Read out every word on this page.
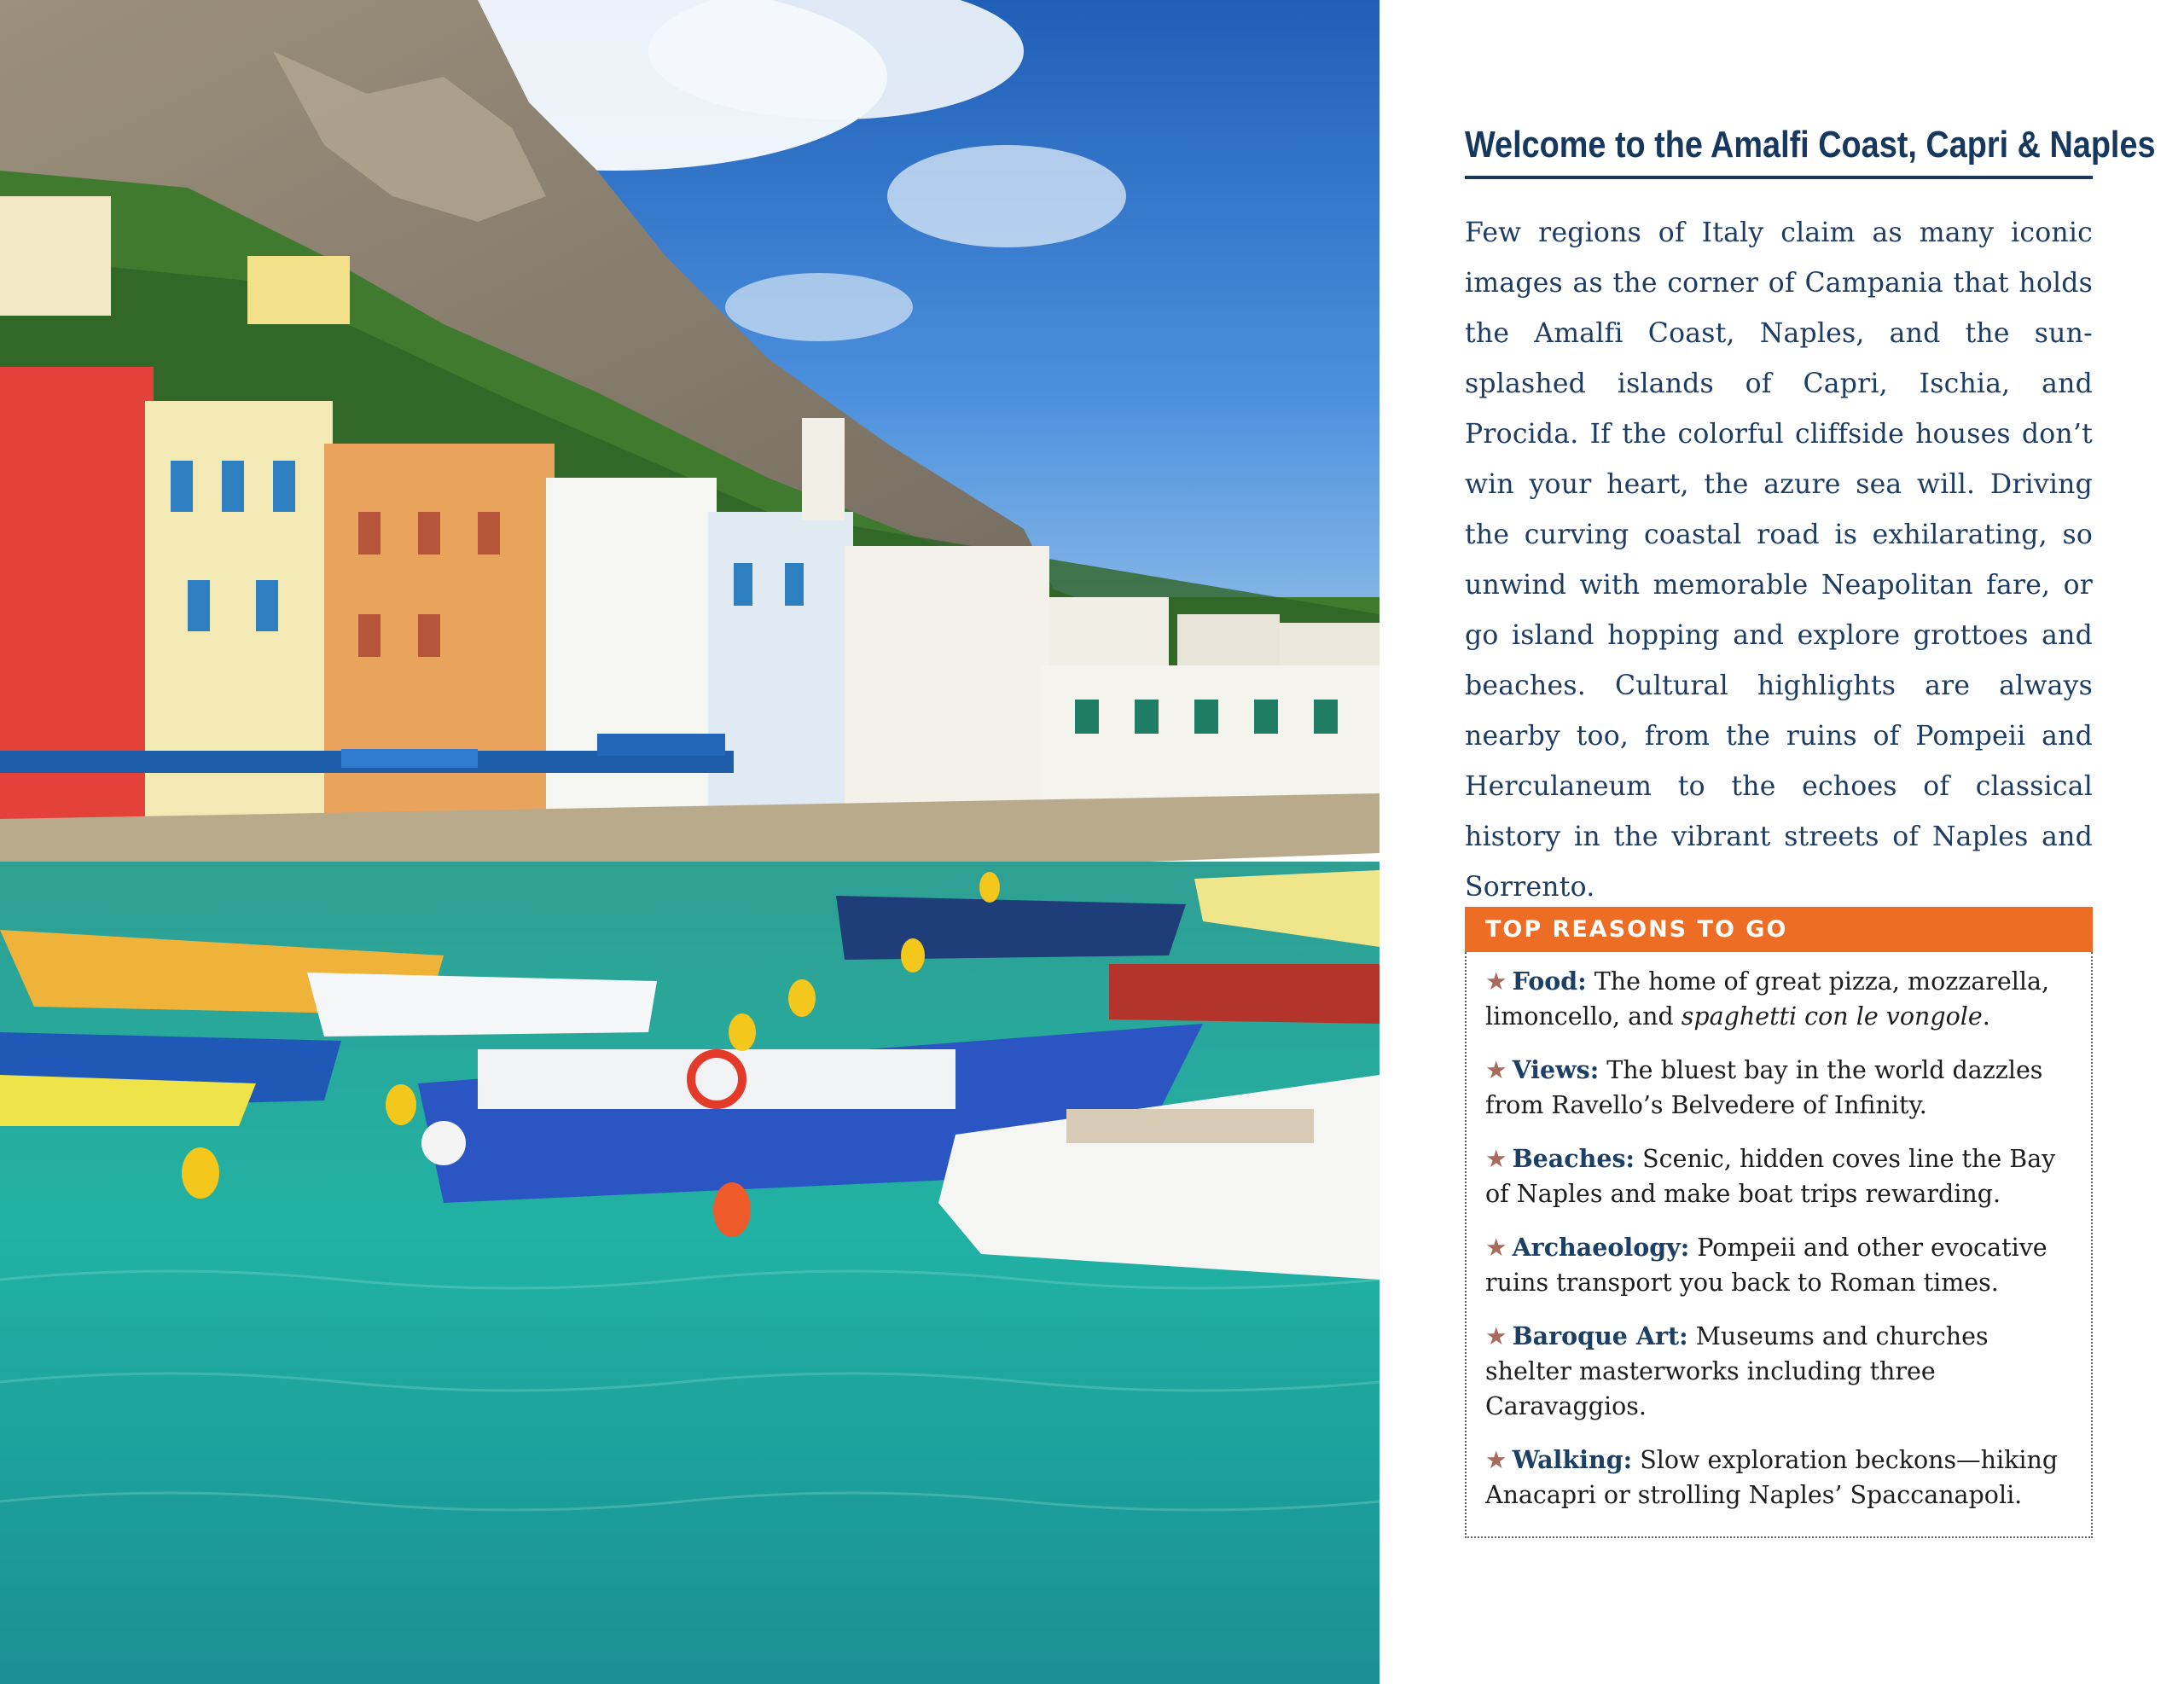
Welcome to the Amalfi Coast, Capri & Naples
Few regions of Italy claim as many iconic images as the corner of Campania that holds the Amalfi Coast, Naples, and the sun-splashed islands of Capri, Ischia, and Procida. If the colorful cliffside houses don’t win your heart, the azure sea will. Driving the curving coastal road is exhilarating, so unwind with memorable Neapolitan fare, or go island hopping and explore grottoes and beaches. Cultural highlights are always nearby too, from the ruins of Pompeii and Herculaneum to the echoes of classical history in the vibrant streets of Naples and Sorrento.
TOP REASONS TO GO
★ Food: The home of great pizza, mozzarella, limoncello, and spaghetti con le vongole.
★ Views: The bluest bay in the world dazzles from Ravello’s Belvedere of Infinity.
★ Beaches: Scenic, hidden coves line the Bay of Naples and make boat trips rewarding.
★ Archaeology: Pompeii and other evocative ruins transport you back to Roman times.
★ Baroque Art: Museums and churches shelter masterworks including three Caravaggios.
★ Walking: Slow exploration beckons—hiking Anacapri or strolling Naples’ Spaccanapoli.
